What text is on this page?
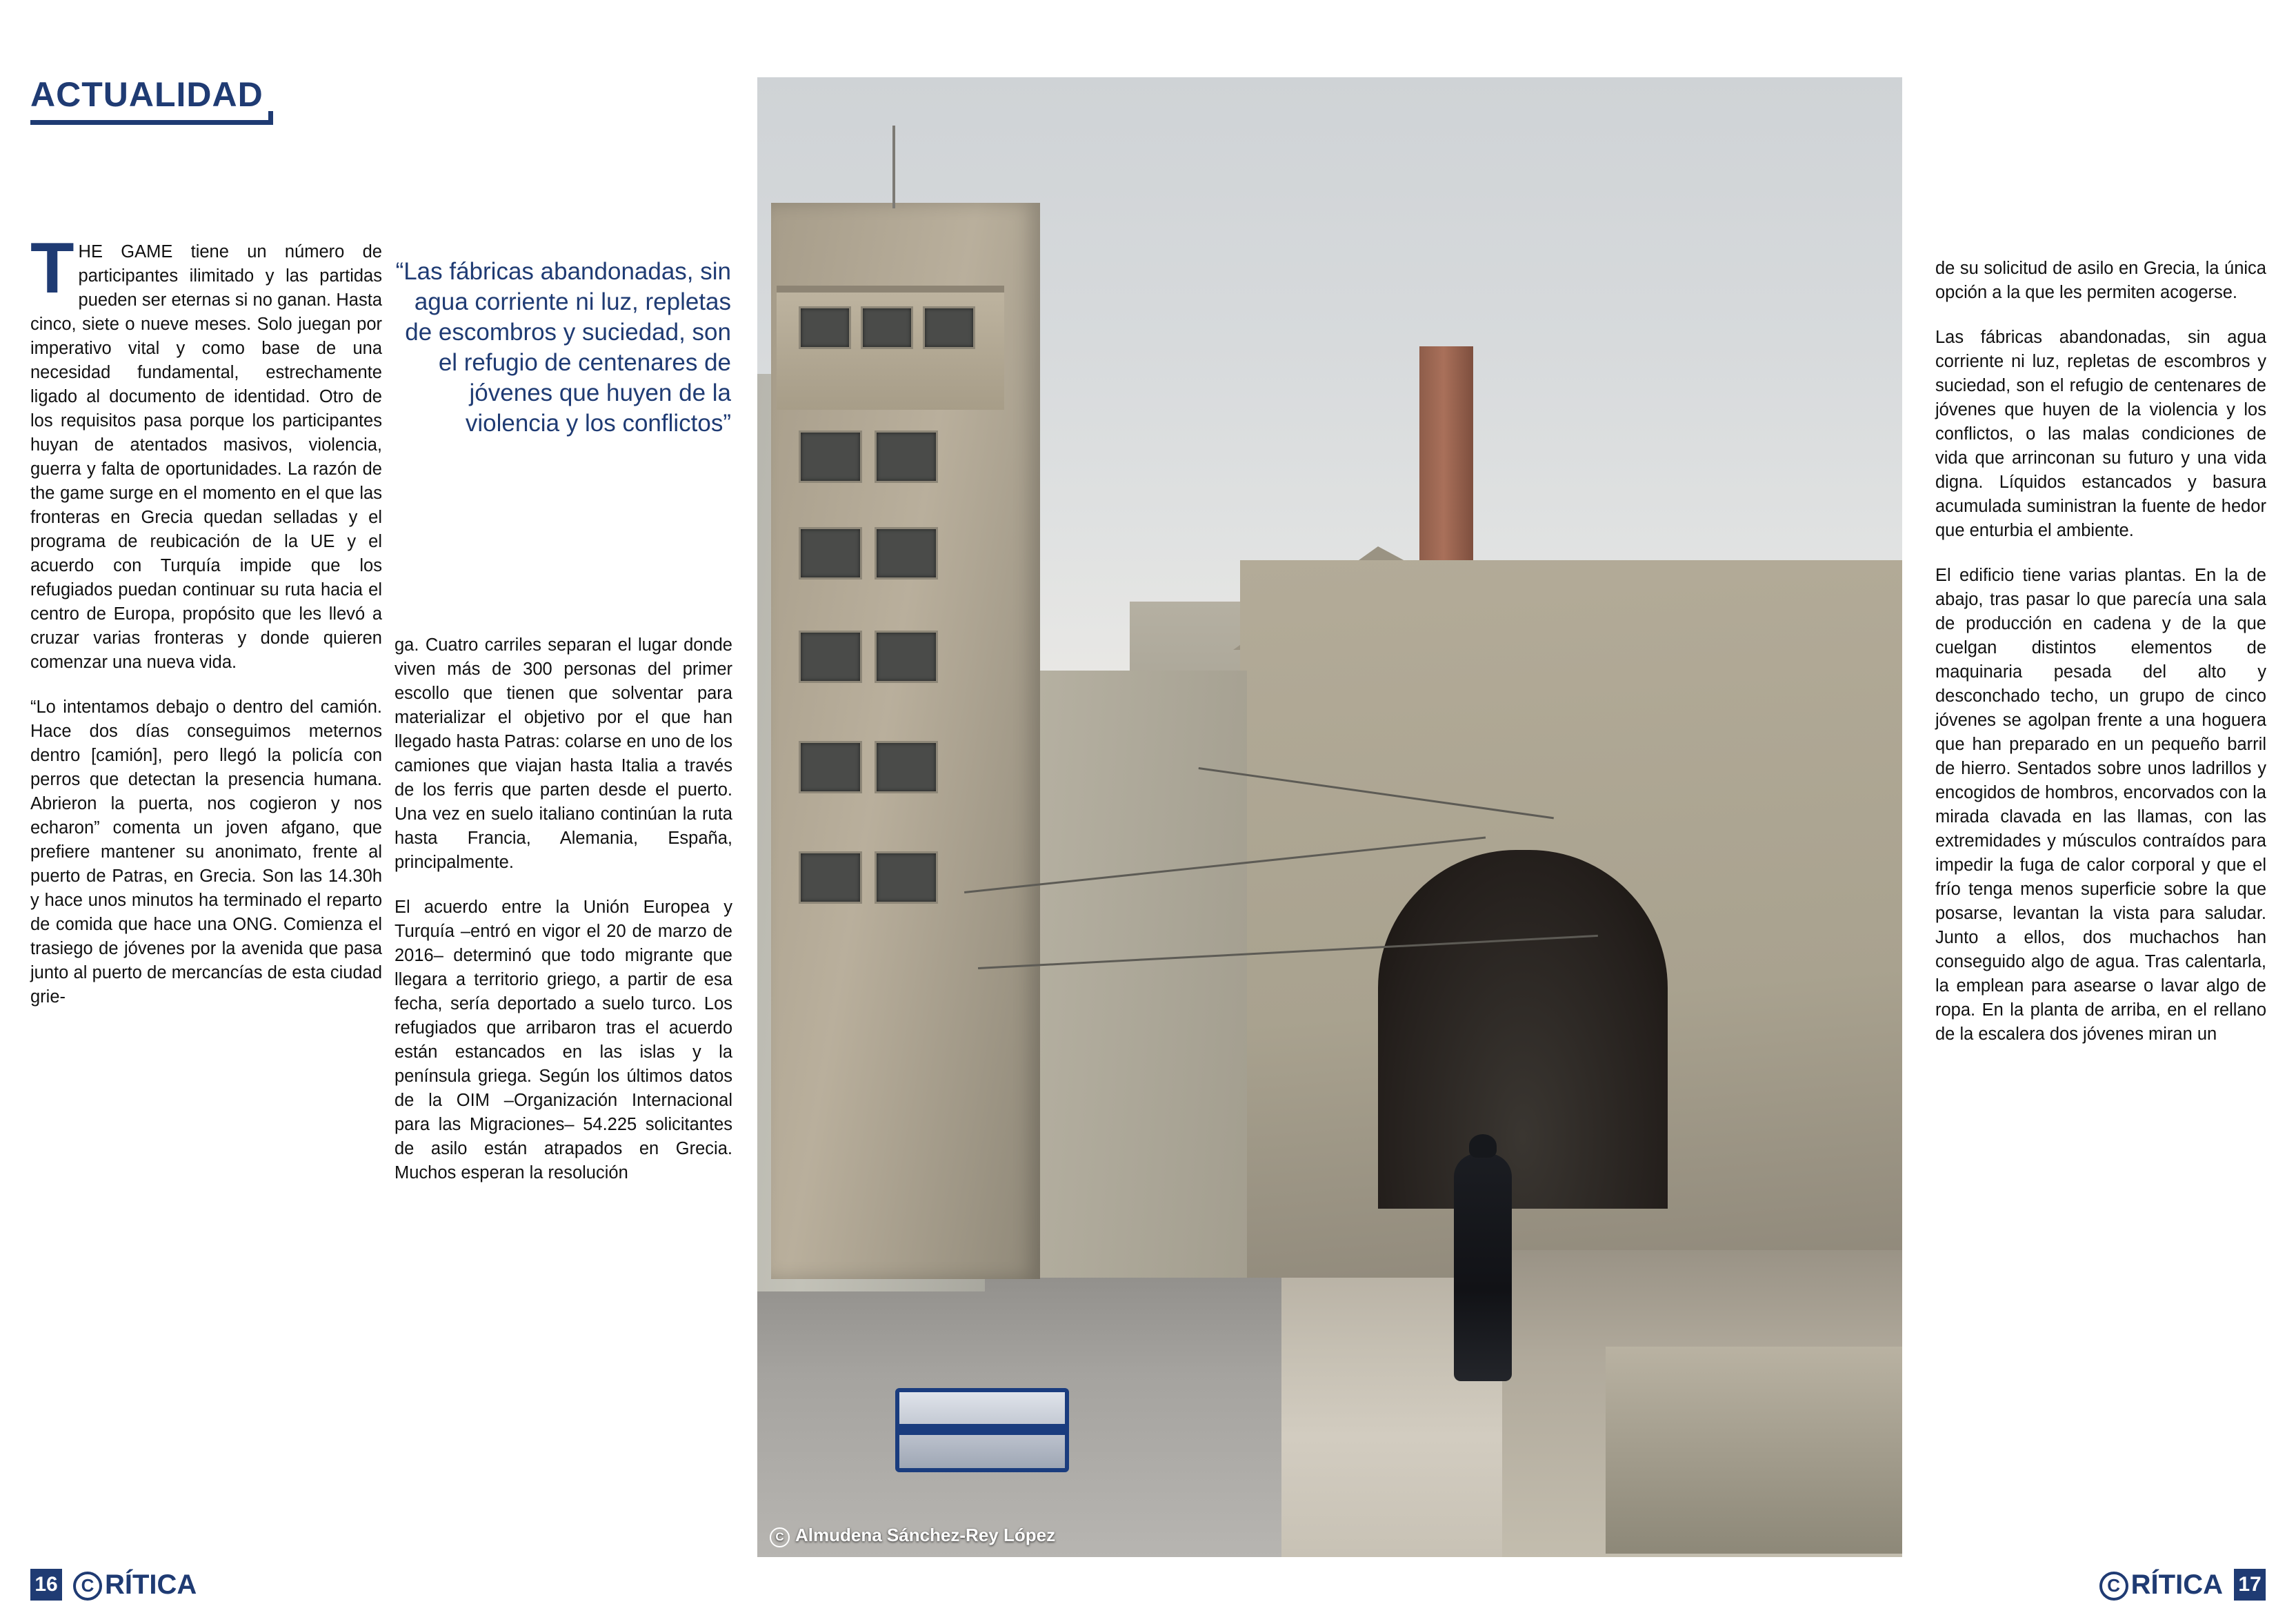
ACTUALIDAD

THE GAME tiene un número de participantes ilimitado y las partidas pueden ser eternas si no ganan. Hasta cinco, siete o nueve meses. Solo juegan por imperativo vital y como base de una necesidad fundamental, estrechamente ligado al documento de identidad. Otro de los requisitos pasa porque los participantes huyan de atentados masivos, violencia, guerra y falta de oportunidades. La razón de the game surge en el momento en el que las fronteras en Grecia quedan selladas y el programa de reubicación de la UE y el acuerdo con Turquía impide que los refugiados puedan continuar su ruta hacia el centro de Europa, propósito que les llevó a cruzar varias fronteras y donde quieren comenzar una nueva vida.

“Lo intentamos debajo o dentro del camión. Hace dos días conseguimos meternos dentro [camión], pero llegó la policía con perros que detectan la presencia humana. Abrieron la puerta, nos cogieron y nos echaron” comenta un joven afgano, que prefiere mantener su anonimato, frente al puerto de Patras, en Grecia. Son las 14.30h y hace unos minutos ha terminado el reparto de comida que hace una ONG. Comienza el trasiego de jóvenes por la avenida que pasa junto al puerto de mercancías de esta ciudad grie-

“Las fábricas abandonadas, sin agua corriente ni luz, repletas de escombros y suciedad, son el refugio de centenares de jóvenes que huyen de la violencia y los conflictos”

ga. Cuatro carriles separan el lugar donde viven más de 300 personas del primer escollo que tienen que solventar para materializar el objetivo por el que han llegado hasta Patras: colarse en uno de los camiones que viajan hasta Italia a través de los ferris que parten desde el puerto. Una vez en suelo italiano continúan la ruta hasta Francia, Alemania, España, principalmente.

El acuerdo entre la Unión Europea y Turquía –entró en vigor el 20 de marzo de 2016– determinó que todo migrante que llegara a territorio griego, a partir de esa fecha, sería deportado a suelo turco. Los refugiados que arribaron tras el acuerdo están estancados en las islas y la península griega. Según los últimos datos de la OIM –Organización Internacional para las Migraciones– 54.225 solicitantes de asilo están atrapados en Grecia. Muchos esperan la resolución

C Almudena Sánchez-Rey López

de su solicitud de asilo en Grecia, la única opción a la que les permiten acogerse.

Las fábricas abandonadas, sin agua corriente ni luz, repletas de escombros y suciedad, son el refugio de centenares de jóvenes que huyen de la violencia y los conflictos, o las malas condiciones de vida que arrinconan su futuro y una vida digna. Líquidos estancados y basura acumulada suministran la fuente de hedor que enturbia el ambiente.

El edificio tiene varias plantas. En la de abajo, tras pasar lo que parecía una sala de producción en cadena y de la que cuelgan distintos elementos de maquinaria pesada del alto y desconchado techo, un grupo de cinco jóvenes se agolpan frente a una hoguera que han preparado en un pequeño barril de hierro. Sentados sobre unos ladrillos y encogidos de hombros, encorvados con la mirada clavada en las llamas, con las extremidades y músculos contraídos para impedir la fuga de calor corporal y que el frío tenga menos superficie sobre la que posarse, levantan la vista para saludar. Junto a ellos, dos muchachos han conseguido algo de agua. Tras calentarla, la emplean para asearse o lavar algo de ropa. En la planta de arriba, en el rellano de la escalera dos jóvenes miran un

16	C RÍTICA	C RÍTICA 17
